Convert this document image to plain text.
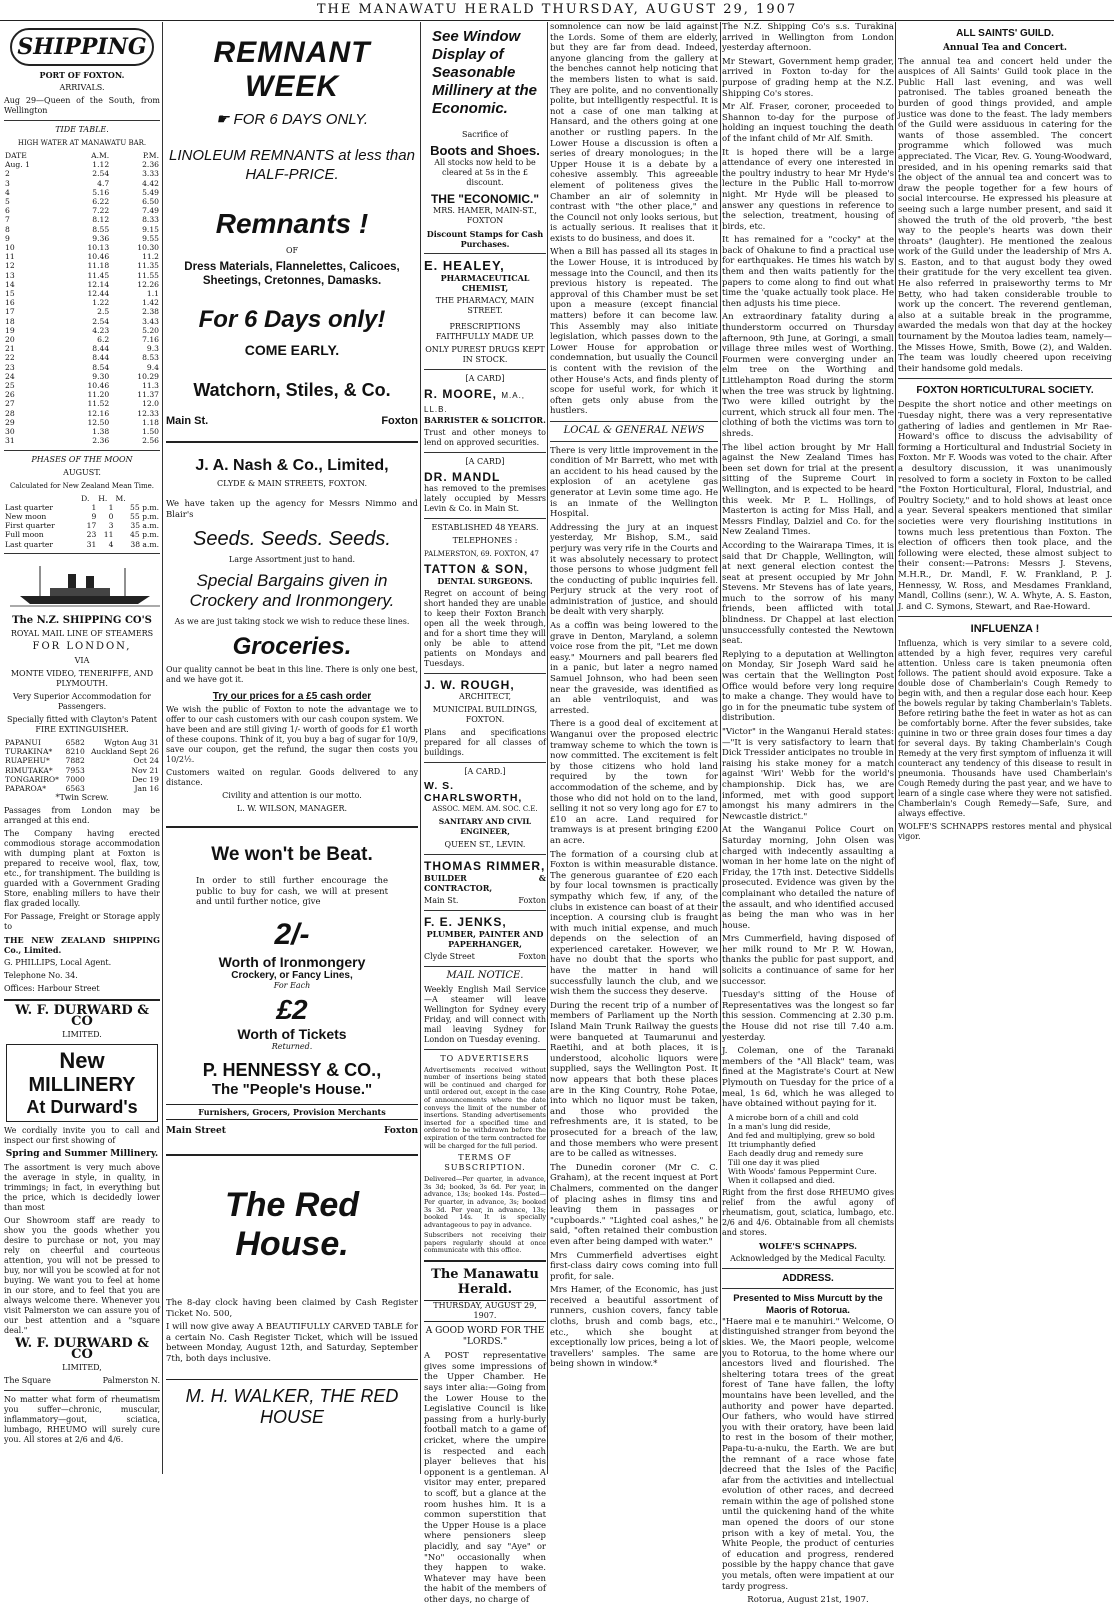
THE MANAWATU HERALD THURSDAY, AUGUST 29, 1907
SHIPPING
PORT OF FOXTON.
ARRIVALS.
Aug 29—Queen of the South, from Wellington
TIDE TABLE.
HIGH WATER AT MANAWATU BAR.
DATE	A.M.	P.M.
Aug. 1	1.12	2.36
2	2.54	3.33
3	4.7	4.42
4	5.16	5.49
5	6.22	6.50
6	7.22	7.49
7	8.12	8.33
8	8.55	9.15
9	9.36	9.55
10	10.13	10.30
11	10.46	11.2
12	11.18	11.35
13	11.45	11.55
14	12.14	12.26
15	12.44	1.1
16	1.22	1.42
17	2.5	2.38
18	2.54	3.43
19	4.23	5.20
20	6.2	7.16
21	8.44	9.3
22	8.44	8.53
23	8.54	9.4
24	9.30	10.29
25	10.46	11.3
26	11.20	11.37
27	11.52	12.0
28	12.16	12.33
29	12.50	1.18
30	1.38	1.50
31	2.36	2.56
PHASES OF THE MOON
AUGUST.
Calculated for New Zealand Mean Time.
	D.	H.	M.
Last quarter	1	1	55 p.m.
New moon	9	0	55 p.m.
First quarter	17	3	35 a.m.
Full moon	23	11	45 p.m.
Last quarter	31	4	38 a.m.
The N.Z. SHIPPING CO'S
ROYAL MAIL LINE OF STEAMERS
FOR LONDON,
VIA
MONTE VIDEO, TENERIFFE, AND PLYMOUTH.
Very Superior Accommodation for Passengers.
Specially fitted with Clayton's Patent FIRE EXTINGUISHER.
PAPANUI	6582	Wgton Aug 31
TURAKINA*	8210	Auckland Sept 26
RUAPEHU*	7882	Oct 24
RIMUTAKA*	7953	Nov 21
TONGARIRO*	7000	Dec 19
PAPAROA*	6563	Jan 16
*Twin Screw.
Passages from London may be arranged at this end.
The Company having erected commodious storage accommodation with dumping plant at Foxton is prepared to receive wool, flax, tow, etc., for transhipment. The building is guarded with a Government Grading Store, enabling millers to have their flax graded locally.
For Passage, Freight or Storage apply to
THE NEW ZEALAND SHIPPING Co., Limited.
G. PHILLIPS, Local Agent.
Telephone No. 34.
Offices: Harbour Street
W. F. DURWARD & CO
LIMITED.
New
MILLINERY
At Durward's
We cordially invite you to call and inspect our first showing of
Spring and Summer Millinery.
The assortment is very much above the average in style, in quality, in trimmings; in fact, in everything but the price, which is decidedly lower than most
Our Showroom staff are ready to show you the goods whether you desire to purchase or not, you may rely on cheerful and courteous attention, you will not be pressed to buy, nor will you be scowled at for not buying. We want you to feel at home in our store, and to feel that you are always welcome there. Whenever you visit Palmerston we can assure you of our best attention and a "square deal."
W. F. DURWARD & CO
LIMITED,
The Square	Palmerston N.
No matter what form of rheumatism you suffer—chronic, muscular, inflammatory—gout, sciatica, lumbago, RHEUMO will surely cure you. All stores at 2/6 and 4/6.
REMNANT WEEK
☛ FOR 6 DAYS ONLY.
LINOLEUM REMNANTS at less than HALF-PRICE.
Remnants !
OF
Dress Materials, Flannelettes, Calicoes, Sheetings, Cretonnes, Damasks.
For 6 Days only!
COME EARLY.
Watchorn, Stiles, & Co.
Main St.	Foxton
J. A. Nash & Co., Limited,
CLYDE & MAIN STREETS, FOXTON.
We have taken up the agency for Messrs Nimmo and Blair's
Seeds. Seeds. Seeds.
Large Assortment just to hand.
Special Bargains given in Crockery and Ironmongery.
As we are just taking stock we wish to reduce these lines.
Groceries.
Our quality cannot be beat in this line. There is only one best, and we have got it.
Try our prices for a £5 cash order
We wish the public of Foxton to note the advantage we to offer to our cash customers with our cash coupon system. We have been and are still giving 1/- worth of goods for £1 worth of these coupons. Think of it, you buy a bag of sugar for 10/9, save our coupon, get the refund, the sugar then costs you 10/2½.
Customers waited on regular. Goods delivered to any distance.
Civility and attention is our motto.
L. W. WILSON, MANAGER.
We won't be Beat.
In order to still further encourage the public to buy for cash, we will at present and until further notice, give
2/-
Worth of Ironmongery
Crockery, or Fancy Lines,
For Each
£2
Worth of Tickets
Returned.
P. HENNESSY & CO.,
The "People's House."
Furnishers, Grocers, Provision Merchants
Main Street	Foxton
The Red House.
The 8-day clock having been claimed by Cash Register Ticket No. 500,
I will now give away A BEAUTIFULLY CARVED TABLE for a certain No. Cash Register Ticket, which will be issued between Monday, August 12th, and Saturday, September 7th, both days inclusive.
M. H. WALKER, THE RED HOUSE
See Window Display of Seasonable Millinery at the Economic.
Sacrifice of
Boots and Shoes.
All stocks now held to be cleared at 5s in the £ discount.
THE "ECONOMIC."
MRS. HAMER, MAIN-ST., FOXTON
Discount Stamps for Cash Purchases.
E. HEALEY,
PHARMACEUTICAL CHEMIST,
THE PHARMACY, MAIN STREET.
PRESCRIPTIONS FAITHFULLY MADE UP.
ONLY PUREST DRUGS KEPT IN STOCK.
[A CARD]
R. MOORE, M.A., LL.B.
BARRISTER & SOLICITOR.
Trust and other moneys to lend on approved securities.
[A CARD]
DR. MANDL
has removed to the premises lately occupied by Messrs Levin & Co. in Main St.
ESTABLISHED 48 YEARS.
TELEPHONES :
PALMERSTON, 69. FOXTON, 47
TATTON & SON,
DENTAL SURGEONS.
Regret on account of being short handed they are unable to keep their Foxton Branch open all the week through, and for a short time they will only be able to attend patients on Mondays and Tuesdays.
J. W. ROUGH,
ARCHITECT,
MUNICIPAL BUILDINGS, FOXTON.
Plans and specifications prepared for all classes of buildings.
[A CARD.]
W. S. CHARLSWORTH,
ASSOC. MEM. AM. SOC. C.E.
SANITARY AND CIVIL ENGINEER,
QUEEN ST., LEVIN.
THOMAS RIMMER,
BUILDER & CONTRACTOR,
Main St.	Foxton
F. E. JENKS,
PLUMBER, PAINTER AND PAPERHANGER,
Clyde Street	Foxton
MAIL NOTICE.
Weekly English Mail Service—A steamer will leave Wellington for Sydney every Friday, and will connect with mail leaving Sydney for London on Tuesday evening.
TO ADVERTISERS
Advertisements received without number of insertions being stated will be continued and charged for until ordered out, except in the case of announcements where the date conveys the limit of the number of insertions. Standing advertisements inserted for a specified time and ordered to be withdrawn before the expiration of the term contracted for will be charged for the full period.
TERMS OF SUBSCRIPTION.
Delivered—Per quarter, in advance, 3s 3d; booked, 3s 6d. Per year, in advance, 13s; booked 14s. Posted—Per quarter, in advance, 3s; booked 3s 3d. Per year, in advance, 13s; booked 14s. It is specially advantageous to pay in advance.
Subscribers not receiving their papers regularly should at once communicate with this office.
The Manawatu Herald.
THURSDAY, AUGUST 29, 1907.
A GOOD WORD FOR THE "LORDS."
A POST representative gives some impressions of the Upper Chamber. He says inter alia:—Going from the Lower House to the Legislative Council is like passing from a hurly-burly football match to a game of cricket, where the umpire is respected and each player believes that his opponent is a gentleman. A visitor may enter, prepared to scoff, but a glance at the room hushes him. It is a common superstition that the Upper House is a place where pensioners sleep placidly, and say "Aye" or "No" occasionally when they happen to wake. Whatever may have been the habit of the members of other days, no charge of
somnolence can now be laid against the Lords. Some of them are elderly, but they are far from dead. Indeed, anyone glancing from the gallery at the benches cannot help noticing that the members listen to what is said. They are polite, and no conventionally polite, but intelligently respectful. It is not a case of one man talking at Hansard, and the others going at one another or rustling papers. In the Lower House a discussion is often a series of dreary monologues; in the Upper House it is a debate by a cohesive assembly. This agreeable element of politeness gives the Chamber an air of solemnity in contrast with "the other place," and the Council not only looks serious, but is actually serious. It realises that it exists to do business, and does it.
When a Bill has passed all its stages in the Lower House, it is introduced by message into the Council, and then its previous history is repeated. The approval of this Chamber must be set upon a measure (except financial matters) before it can become law. This Assembly may also initiate legislation, which passes down to the Lower House for approbation or condemnation, but usually the Council is content with the revision of the other House's Acts, and finds plenty of scope for useful work, for which it often gets only abuse from the hustlers.
LOCAL & GENERAL NEWS
There is very little improvement in the condition of Mr Barrett, who met with an accident to his head caused by the explosion of an acetylene gas generator at Levin some time ago. He is an inmate of the Wellington Hospital.
Addressing the jury at an inquest yesterday, Mr Bishop, S.M., said perjury was very rife in the Courts and it was absolutely necessary to protect those persons to whose judgment fell the conducting of public inquiries fell. Perjury struck at the very root of administration of justice, and should be dealt with very sharply.
As a coffin was being lowered to the grave in Denton, Maryland, a solemn voice rose from the pit, "Let me down easy." Mourners and pall bearers fled in a panic, but later a negro named Samuel Johnson, who had been seen near the graveside, was identified as an able ventriloquist, and was arrested.
There is a good deal of excitement at Wanganui over the proposed electric tramway scheme to which the town is now committed. The excitement is felt by those citizens who hold land required by the town for accommodation of the scheme, and by those who did not hold on to the land, selling it not so very long ago for £7 to £10 an acre. Land required for tramways is at present bringing £200 an acre.
The formation of a coursing club at Foxton is within measurable distance. The generous guarantee of £20 each by four local townsmen is practically sympathy which few, if any, of the clubs in existence can boast of at their inception. A coursing club is fraught with much initial expense, and much depends on the selection of an experienced caretaker. However, we have no doubt that the sports who have the matter in hand will successfully launch the club, and we wish them the success they deserve.
During the recent trip of a number of members of Parliament up the North Island Main Trunk Railway the guests were banqueted at Taumarunui and Raetihi, and at both places, it is understood, alcoholic liquors were supplied, says the Wellington Post. It now appears that both these places are in the King Country, Rohe Potae, into which no liquor must be taken, and those who provided the refreshments are, it is stated, to be prosecuted for a breach of the law, and those members who were present are to be called as witnesses.
The Dunedin coroner (Mr C. C. Graham), at the recent inquest at Port Chalmers, commented on the danger of placing ashes in flimsy tins and leaving them in passages or "cupboards." "Lighted coal ashes," he said, "often retained their combustion even after being damped with water."
Mrs Cummerfield advertises eight first-class dairy cows coming into full profit, for sale.
Mrs Hamer, of the Economic, has just received a beautiful assortment of runners, cushion covers, fancy table cloths, brush and comb bags, etc., etc., which she bought at exceptionally low prices, being a lot of travellers' samples. The same are being shown in window.*
The N.Z. Shipping Co's s.s. Turakina arrived in Wellington from London yesterday afternoon.
Mr Stewart, Government hemp grader, arrived in Foxton to-day for the purpose of grading hemp at the N.Z. Shipping Co's stores.
Mr Alf. Fraser, coroner, proceeded to Shannon to-day for the purpose of holding an inquest touching the death of the infant child of Mr Alf. Smith.
It is hoped there will be a large attendance of every one interested in the poultry industry to hear Mr Hyde's lecture in the Public Hall to-morrow night. Mr Hyde will be pleased to answer any questions in reference to the selection, treatment, housing of birds, etc.
It has remained for a "cocky" at the back of Ohakune to find a practical use for earthquakes. He times his watch by them and then waits patiently for the papers to come along to find out what time the 'quake actually took place. He then adjusts his time piece.
An extraordinary fatality during a thunderstorm occurred on Thursday afternoon, 9th June, at Goringi, a small village three miles west of Worthing. Fourmen were converging under an elm tree on the Worthing and Littlehampton Road during the storm when the tree was struck by lightning. Two were killed outright by the current, which struck all four men. The clothing of both the victims was torn to shreds.
The libel action brought by Mr Hall against the New Zealand Times has been set down for trial at the present sitting of the Supreme Court in Wellington, and is expected to be heard this week. Mr P. L. Hollings, of Masterton is acting for Miss Hall, and Messrs Findlay, Dalziel and Co. for the New Zealand Times.
According to the Wairarapa Times, it is said that Dr Chapple, Wellington, will at next general election contest the seat at present occupied by Mr John Stevens. Mr Stevens has of late years, much to the sorrow of his many friends, been afflicted with total blindness. Dr Chappel at last election unsuccessfully contested the Newtown seat.
Replying to a deputation at Wellington on Monday, Sir Joseph Ward said he was certain that the Wellington Post Office would before very long require to make a change. They would have to go in for the pneumatic tube system of distribution.
"Victor" in the Wanganui Herald states:—"It is very satisfactory to learn that Dick Tressider anticipates no trouble in raising his stake money for a match against 'Wiri' Webb for the world's championship. Dick has, we are informed, met with good support amongst his many admirers in the Newcastle district."
At the Wanganui Police Court on Saturday morning, John Olsen was charged with indecently assaulting a woman in her home late on the night of Friday, the 17th inst. Detective Siddells prosecuted. Evidence was given by the complainant who detailed the nature of the assault, and who identified accused as being the man who was in her house.
Mrs Cummerfield, having disposed of her milk round to Mr P. W. Howan, thanks the public for past support, and solicits a continuance of same for her successor.
Tuesday's sitting of the House of Representatives was the longest so far this session. Commencing at 2.30 p.m. the House did not rise till 7.40 a.m. yesterday.
J. Coleman, one of the Taranaki members of the "All Black" team, was fined at the Magistrate's Court at New Plymouth on Tuesday for the price of a meal, 1s 6d, which he was alleged to have obtained without paying for it.
A microbe born of a chill and cold
In a man's lung did reside,
And fed and multiplying, grew so bold
Itt triumphantly defied
Each deadly drug and remedy sure
Till one day it was plied
With Woods' famous Peppermint Cure.
When it collapsed and died.
Right from the first dose RHEUMO gives relief from the awful agony of rheumatism, gout, sciatica, lumbago, etc. 2/6 and 4/6. Obtainable from all chemists and stores.
WOLFE'S SCHNAPPS.
Acknowledged by the Medical Faculty.
ADDRESS.
Presented to Miss Murcutt by the Maoris of Rotorua.
"Haere mai e te manuhiri." Welcome, O distinguished stranger from beyond the skies. We, the Maori people, welcome you to Rotorua, to the home where our ancestors lived and flourished. The sheltering totara trees of the great forest of Tane have fallen, the lofty mountains have been levelled, and the authority and power have departed. Our fathers, who would have stirred you with their oratory, have been laid to rest in the bosom of their mother, Papa-tu-a-nuku, the Earth. We are but the remnant of a race whose fate decreed that the Isles of the Pacific afar from the activities and intellectual evolution of other races, and decreed remain within the age of polished stone until the quickening hand of the white man opened the doors of our stone prison with a key of metal. You, the White People, the product of centuries of education and progress, rendered possible by the happy chance that gave you metals, often were impatient at our tardy progress.
Rotorua, August 21st, 1907.
ALL SAINTS' GUILD.
Annual Tea and Concert.
The annual tea and concert held under the auspices of All Saints' Guild took place in the Public Hall last evening, and was well patronised. The tables groaned beneath the burden of good things provided, and ample justice was done to the feast. The lady members of the Guild were assiduous in catering for the wants of those assembled. The concert programme which followed was much appreciated. The Vicar, Rev. G. Young-Woodward, presided, and in his opening remarks said that the object of the annual tea and concert was to draw the people together for a few hours of social intercourse. He expressed his pleasure at seeing such a large number present, and said it showed the truth of the old proverb, "the best way to the people's hearts was down their throats" (laughter). He mentioned the zealous work of the Guild under the leadership of Mrs A. S. Easton, and to that august body they owed their gratitude for the very excellent tea given. He also referred in praiseworthy terms to Mr Betty, who had taken considerable trouble to work up the concert. The reverend gentleman, also at a suitable break in the programme, awarded the medals won that day at the hockey tournament by the Moutoa ladies team, namely—the Misses Howe, Smith, Bowe (2), and Walden. The team was loudly cheered upon receiving their handsome gold medals.
FOXTON HORTICULTURAL SOCIETY.
Despite the short notice and other meetings on Tuesday night, there was a very representative gathering of ladies and gentlemen in Mr Rae-Howard's office to discuss the advisability of forming a Horticultural and Industrial Society in Foxton. Mr F. Woods was voted to the chair. After a desultory discussion, it was unanimously resolved to form a society in Foxton to be called "the Foxton Horticultural, Floral, Industrial, and Poultry Society," and to hold shows at least once a year. Several speakers mentioned that similar societies were very flourishing institutions in towns much less pretentious than Foxton. The election of officers then took place, and the following were elected, these almost subject to their consent:—Patrons: Messrs J. Stevens, M.H.R., Dr. Mandl, F. W. Frankland, P. J. Hennessy, W. Ross, and Mesdames Frankland, Mandl, Collins (senr.), W. A. Whyte, A. S. Easton, J. and C. Symons, Stewart, and Rae-Howard.
INFLUENZA !
Influenza, which is very similar to a severe cold, attended by a high fever, requires very careful attention. Unless care is taken pneumonia often follows. The patient should avoid exposure. Take a double dose of Chamberlain's Cough Remedy to begin with, and then a regular dose each hour. Keep the bowels regular by taking Chamberlain's Tablets. Before retiring bathe the feet in water as hot as can be comfortably borne. After the fever subsides, take quinine in two or three grain doses four times a day for several days. By taking Chamberlain's Cough Remedy at the very first symptom of influenza it will counteract any tendency of this disease to result in pneumonia. Thousands have used Chamberlain's Cough Remedy during the past year, and we have to learn of a single case where they were not satisfied. Chamberlain's Cough Remedy—Safe, Sure, and always effective.
WOLFE'S SCHNAPPS restores mental and physical vigor.
